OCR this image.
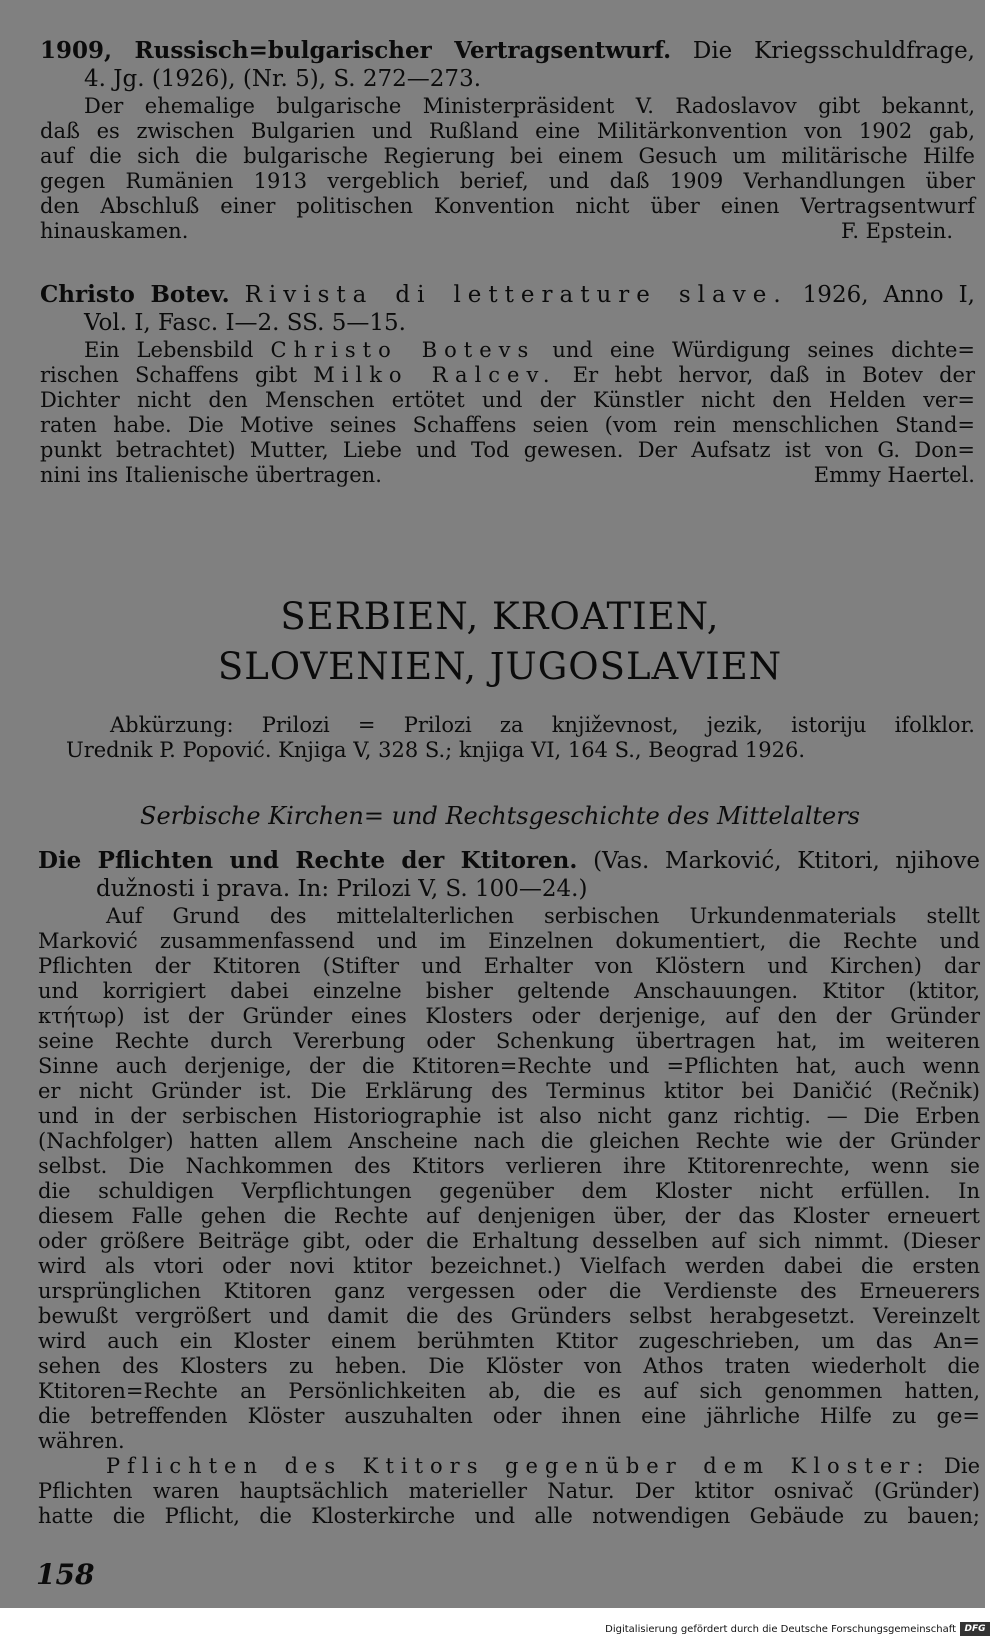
1909, Russisch=bulgarischer Vertragsentwurf. Die Kriegsschuldfrage,
4. Jg. (1926), (Nr. 5), S. 272—273.
Der ehemalige bulgarische Ministerpräsident V. Radoslavov gibt bekannt,
daß es zwischen Bulgarien und Rußland eine Militärkonvention von 1902 gab,
auf die sich die bulgarische Regierung bei einem Gesuch um militärische Hilfe
gegen Rumänien 1913 vergeblich berief, und daß 1909 Verhandlungen über
den Abschluß einer politischen Konvention nicht über einen Vertragsentwurf
hinauskamen.	F. Epstein.
Christo Botev. Rivista di letterature slave. 1926, Anno I,
Vol. I, Fasc. I—2. SS. 5—15.
Ein Lebensbild Christo Botevs und eine Würdigung seines dichte=
rischen Schaffens gibt Milko Ralcev. Er hebt hervor, daß in Botev der
Dichter nicht den Menschen ertötet und der Künstler nicht den Helden ver=
raten habe. Die Motive seines Schaffens seien (vom rein menschlichen Stand=
punkt betrachtet) Mutter, Liebe und Tod gewesen. Der Aufsatz ist von G. Don=
nini ins Italienische übertragen.	Emmy Haertel.
SERBIEN, KROATIEN,
SLOVENIEN, JUGOSLAVIEN
Abkürzung: Prilozi = Prilozi za književnost, jezik, istoriju ifolklor.
Urednik P. Popović. Knjiga V, 328 S.; knjiga VI, 164 S., Beograd 1926.
Serbische Kirchen= und Rechtsgeschichte des Mittelalters
Die Pflichten und Rechte der Ktitoren. (Vas. Marković, Ktitori, njihove
dužnosti i prava. In: Prilozi V, S. 100—24.)
Auf Grund des mittelalterlichen serbischen Urkundenmaterials stellt
Marković zusammenfassend und im Einzelnen dokumentiert, die Rechte und
Pflichten der Ktitoren (Stifter und Erhalter von Klöstern und Kirchen) dar
und korrigiert dabei einzelne bisher geltende Anschauungen. Ktitor (ktitor,
κτήτωρ) ist der Gründer eines Klosters oder derjenige, auf den der Gründer
seine Rechte durch Vererbung oder Schenkung übertragen hat, im weiteren
Sinne auch derjenige, der die Ktitoren=Rechte und =Pflichten hat, auch wenn
er nicht Gründer ist. Die Erklärung des Terminus ktitor bei Daničić (Rečnik)
und in der serbischen Historiographie ist also nicht ganz richtig. — Die Erben
(Nachfolger) hatten allem Anscheine nach die gleichen Rechte wie der Gründer
selbst. Die Nachkommen des Ktitors verlieren ihre Ktitorenrechte, wenn sie
die schuldigen Verpflichtungen gegenüber dem Kloster nicht erfüllen. In
diesem Falle gehen die Rechte auf denjenigen über, der das Kloster erneuert
oder größere Beiträge gibt, oder die Erhaltung desselben auf sich nimmt. (Dieser
wird als vtori oder novi ktitor bezeichnet.) Vielfach werden dabei die ersten
ursprünglichen Ktitoren ganz vergessen oder die Verdienste des Erneuerers
bewußt vergrößert und damit die des Gründers selbst herabgesetzt. Vereinzelt
wird auch ein Kloster einem berühmten Ktitor zugeschrieben, um das An=
sehen des Klosters zu heben. Die Klöster von Athos traten wiederholt die
Ktitoren=Rechte an Persönlichkeiten ab, die es auf sich genommen hatten,
die betreffenden Klöster auszuhalten oder ihnen eine jährliche Hilfe zu ge=
währen.
Pflichten des Ktitors gegenüber dem Kloster: Die
Pflichten waren hauptsächlich materieller Natur. Der ktitor osnivač (Gründer)
hatte die Pflicht, die Klosterkirche und alle notwendigen Gebäude zu bauen;
158
Digitalisierung gefördert durch die Deutsche Forschungsgemeinschaft DFG
